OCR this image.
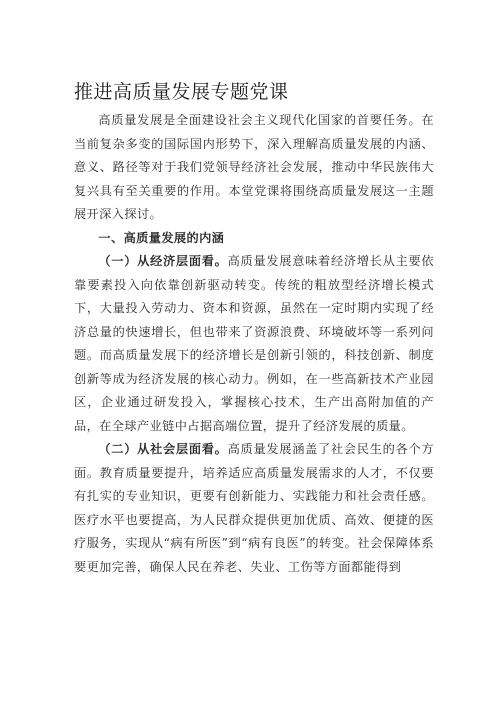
推进高质量发展专题党课

高质量发展是全面建设社会主义现代化国家的首要任务。在当前复杂多变的国际国内形势下，深入理解高质量发展的内涵、意义、路径等对于我们党领导经济社会发展，推动中华民族伟大复兴具有至关重要的作用。本堂党课将围绕高质量发展这一主题展开深入探讨。

一、高质量发展的内涵

（一）从经济层面看。高质量发展意味着经济增长从主要依靠要素投入向依靠创新驱动转变。传统的粗放型经济增长模式下，大量投入劳动力、资本和资源，虽然在一定时期内实现了经济总量的快速增长，但也带来了资源浪费、环境破坏等一系列问题。而高质量发展下的经济增长是创新引领的，科技创新、制度创新等成为经济发展的核心动力。例如，在一些高新技术产业园区，企业通过研发投入，掌握核心技术，生产出高附加值的产品，在全球产业链中占据高端位置，提升了经济发展的质量。

（二）从社会层面看。高质量发展涵盖了社会民生的各个方面。教育质量要提升，培养适应高质量发展需求的人才，不仅要有扎实的专业知识，更要有创新能力、实践能力和社会责任感。医疗水平也要提高，为人民群众提供更加优质、高效、便捷的医疗服务，实现从“病有所医”到“病有良医”的转变。社会保障体系要更加完善，确保人民在养老、失业、工伤等方面都能得到
